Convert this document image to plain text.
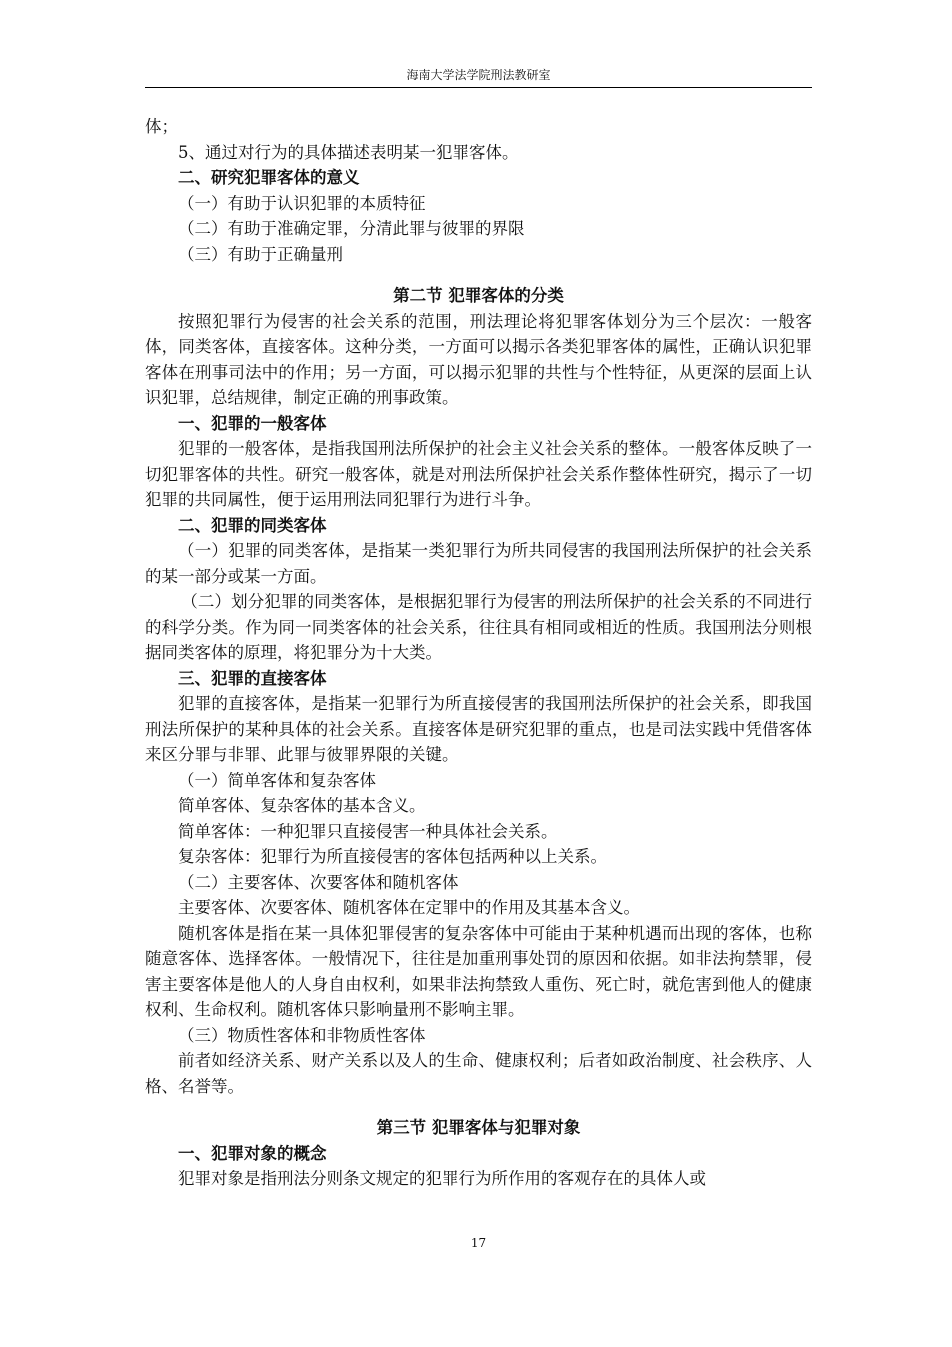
海南大学法学院刑法教研室

体；

5、通过对行为的具体描述表明某一犯罪客体。

二、研究犯罪客体的意义

（一）有助于认识犯罪的本质特征

（二）有助于准确定罪，分清此罪与彼罪的界限

（三）有助于正确量刑

第二节 犯罪客体的分类

按照犯罪行为侵害的社会关系的范围，刑法理论将犯罪客体划分为三个层次：一般客体，同类客体，直接客体。这种分类，一方面可以揭示各类犯罪客体的属性，正确认识犯罪客体在刑事司法中的作用；另一方面，可以揭示犯罪的共性与个性特征，从更深的层面上认识犯罪，总结规律，制定正确的刑事政策。

一、犯罪的一般客体

犯罪的一般客体，是指我国刑法所保护的社会主义社会关系的整体。一般客体反映了一切犯罪客体的共性。研究一般客体，就是对刑法所保护社会关系作整体性研究，揭示了一切犯罪的共同属性，便于运用刑法同犯罪行为进行斗争。

二、犯罪的同类客体

（一）犯罪的同类客体，是指某一类犯罪行为所共同侵害的我国刑法所保护的社会关系的某一部分或某一方面。

（二）划分犯罪的同类客体，是根据犯罪行为侵害的刑法所保护的社会关系的不同进行的科学分类。作为同一同类客体的社会关系，往往具有相同或相近的性质。我国刑法分则根据同类客体的原理，将犯罪分为十大类。

三、犯罪的直接客体

犯罪的直接客体，是指某一犯罪行为所直接侵害的我国刑法所保护的社会关系，即我国刑法所保护的某种具体的社会关系。直接客体是研究犯罪的重点，也是司法实践中凭借客体来区分罪与非罪、此罪与彼罪界限的关键。

（一）简单客体和复杂客体

简单客体、复杂客体的基本含义。

简单客体：一种犯罪只直接侵害一种具体社会关系。

复杂客体：犯罪行为所直接侵害的客体包括两种以上关系。

（二）主要客体、次要客体和随机客体

主要客体、次要客体、随机客体在定罪中的作用及其基本含义。

随机客体是指在某一具体犯罪侵害的复杂客体中可能由于某种机遇而出现的客体，也称随意客体、选择客体。一般情况下，往往是加重刑事处罚的原因和依据。如非法拘禁罪，侵害主要客体是他人的人身自由权利，如果非法拘禁致人重伤、死亡时，就危害到他人的健康权利、生命权利。随机客体只影响量刑不影响主罪。

（三）物质性客体和非物质性客体

前者如经济关系、财产关系以及人的生命、健康权利；后者如政治制度、社会秩序、人格、名誉等。

第三节 犯罪客体与犯罪对象

一、犯罪对象的概念

犯罪对象是指刑法分则条文规定的犯罪行为所作用的客观存在的具体人或

17
